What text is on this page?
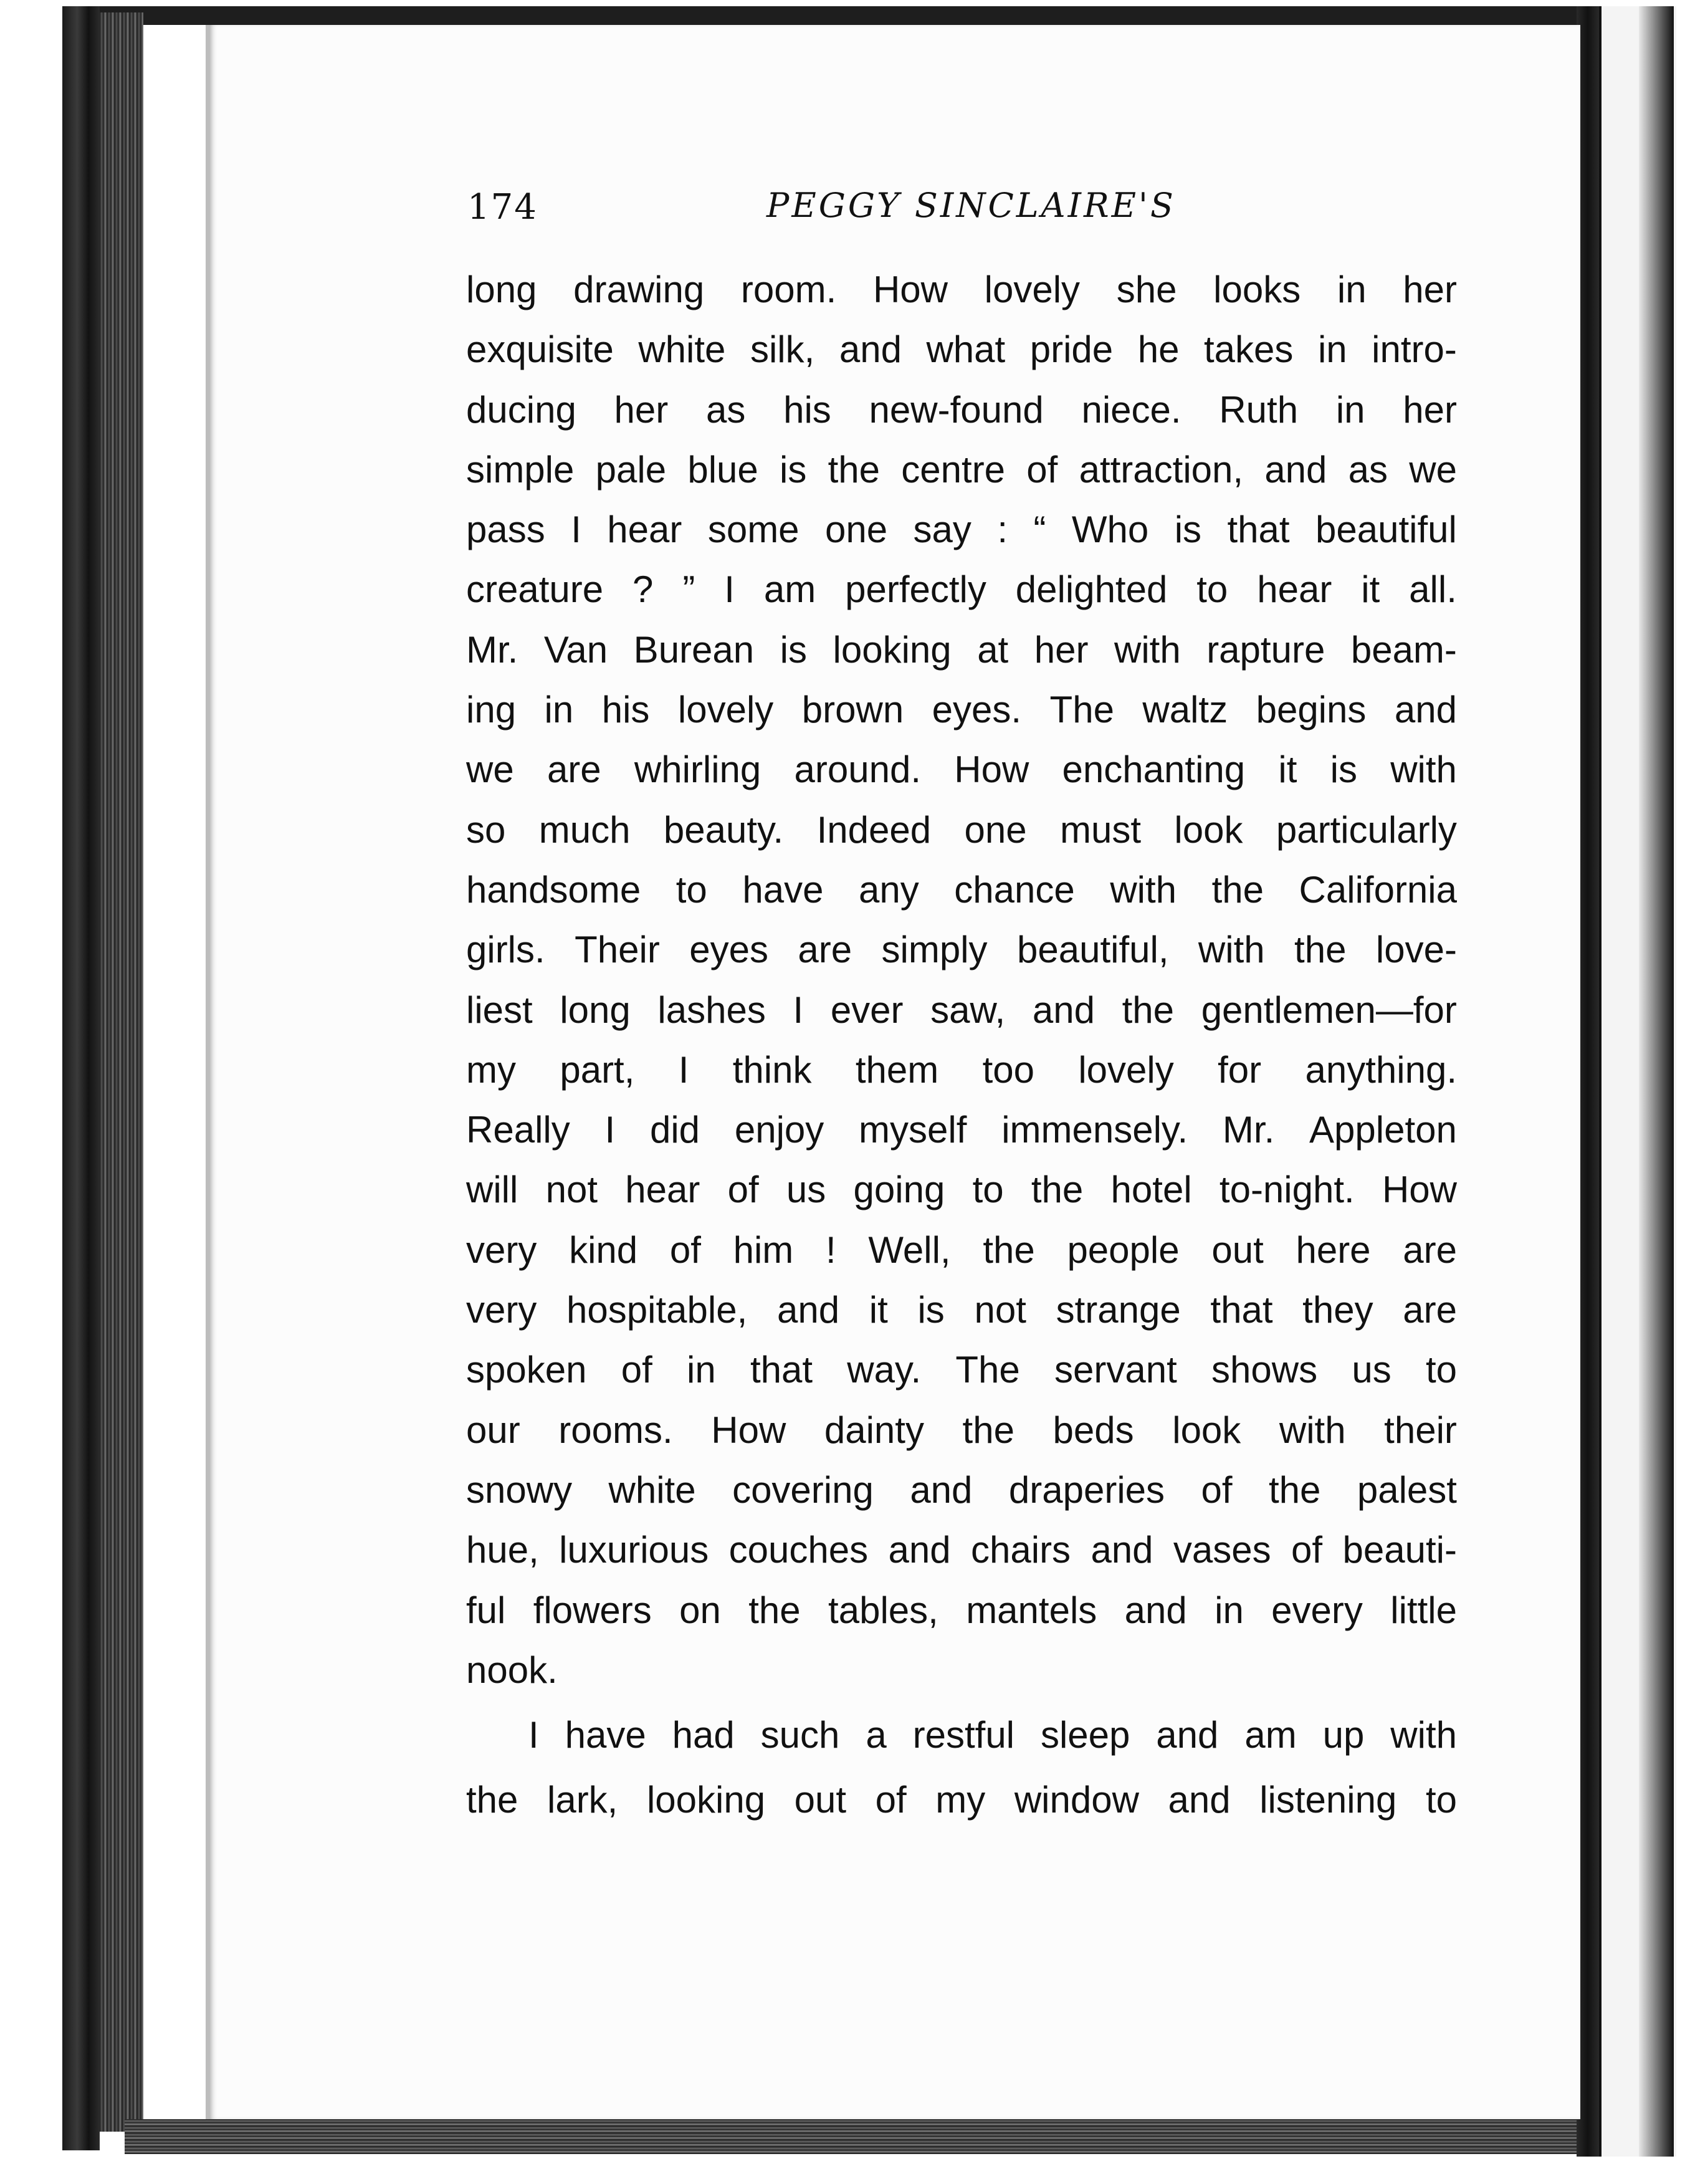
174	PEGGY SINCLAIRE'S
long drawing room. How lovely she looks in her
exquisite white silk, and what pride he takes in intro-
ducing her as his new-found niece. Ruth in her
simple pale blue is the centre of attraction, and as we
pass I hear some one say : “ Who is that beautiful
creature ? ” I am perfectly delighted to hear it all.
Mr. Van Burean is looking at her with rapture beam-
ing in his lovely brown eyes. The waltz begins and
we are whirling around. How enchanting it is with
so much beauty. Indeed one must look particularly
handsome to have any chance with the California
girls. Their eyes are simply beautiful, with the love-
liest long lashes I ever saw, and the gentlemen—for
my part, I think them too lovely for anything.
Really I did enjoy myself immensely. Mr. Appleton
will not hear of us going to the hotel to-night. How
very kind of him ! Well, the people out here are
very hospitable, and it is not strange that they are
spoken of in that way. The servant shows us to
our rooms. How dainty the beds look with their
snowy white covering and draperies of the palest
hue, luxurious couches and chairs and vases of beauti-
ful flowers on the tables, mantels and in every little
nook.
I have had such a restful sleep and am up with
the lark, looking out of my window and listening to
